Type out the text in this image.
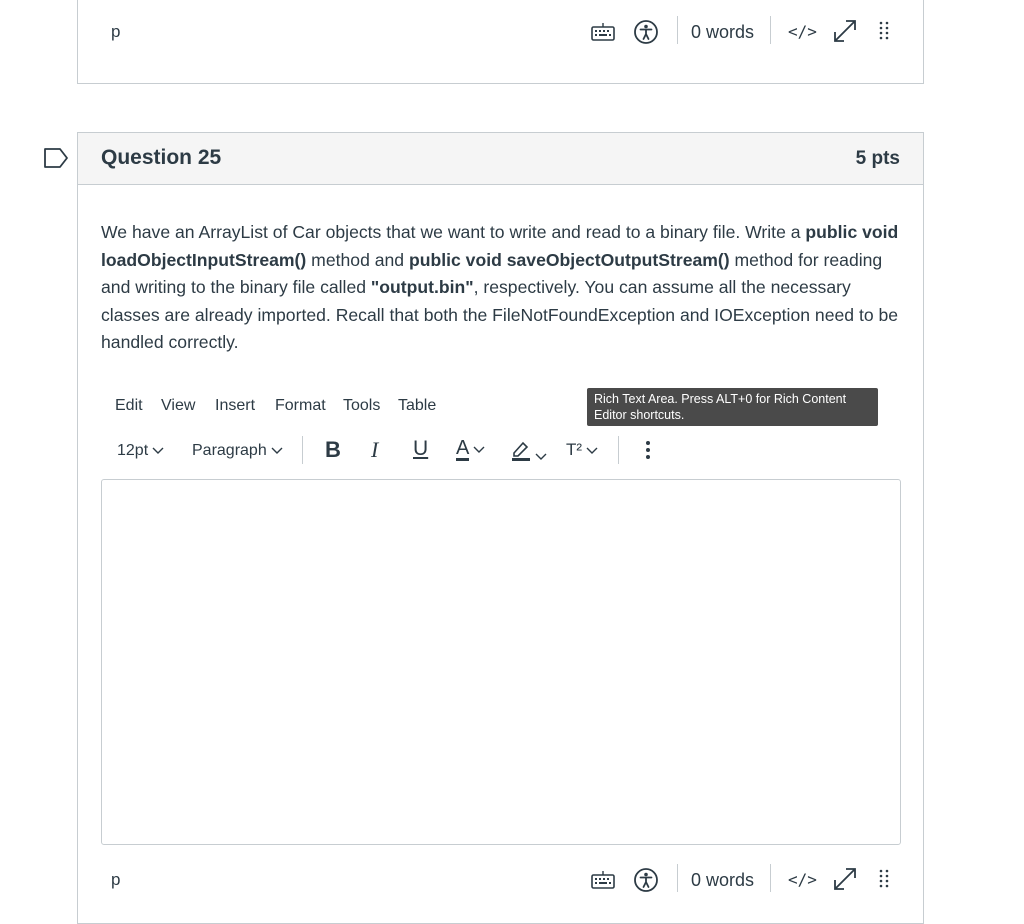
p	0 words </>
Question 25	5 pts
We have an ArrayList of Car objects that we want to write and read to a binary file. Write a public void loadObjectInputStream() method and public void saveObjectOutputStream() method for reading and writing to the binary file called "output.bin", respectively. You can assume all the necessary classes are already imported. Recall that both the FileNotFoundException and IOException need to be handled correctly.
Edit View Insert Format Tools Table	Rich Text Area. Press ALT+0 for Rich Content Editor shortcuts.
12pt	Paragraph	B I U A	T²
p	0 words </>
